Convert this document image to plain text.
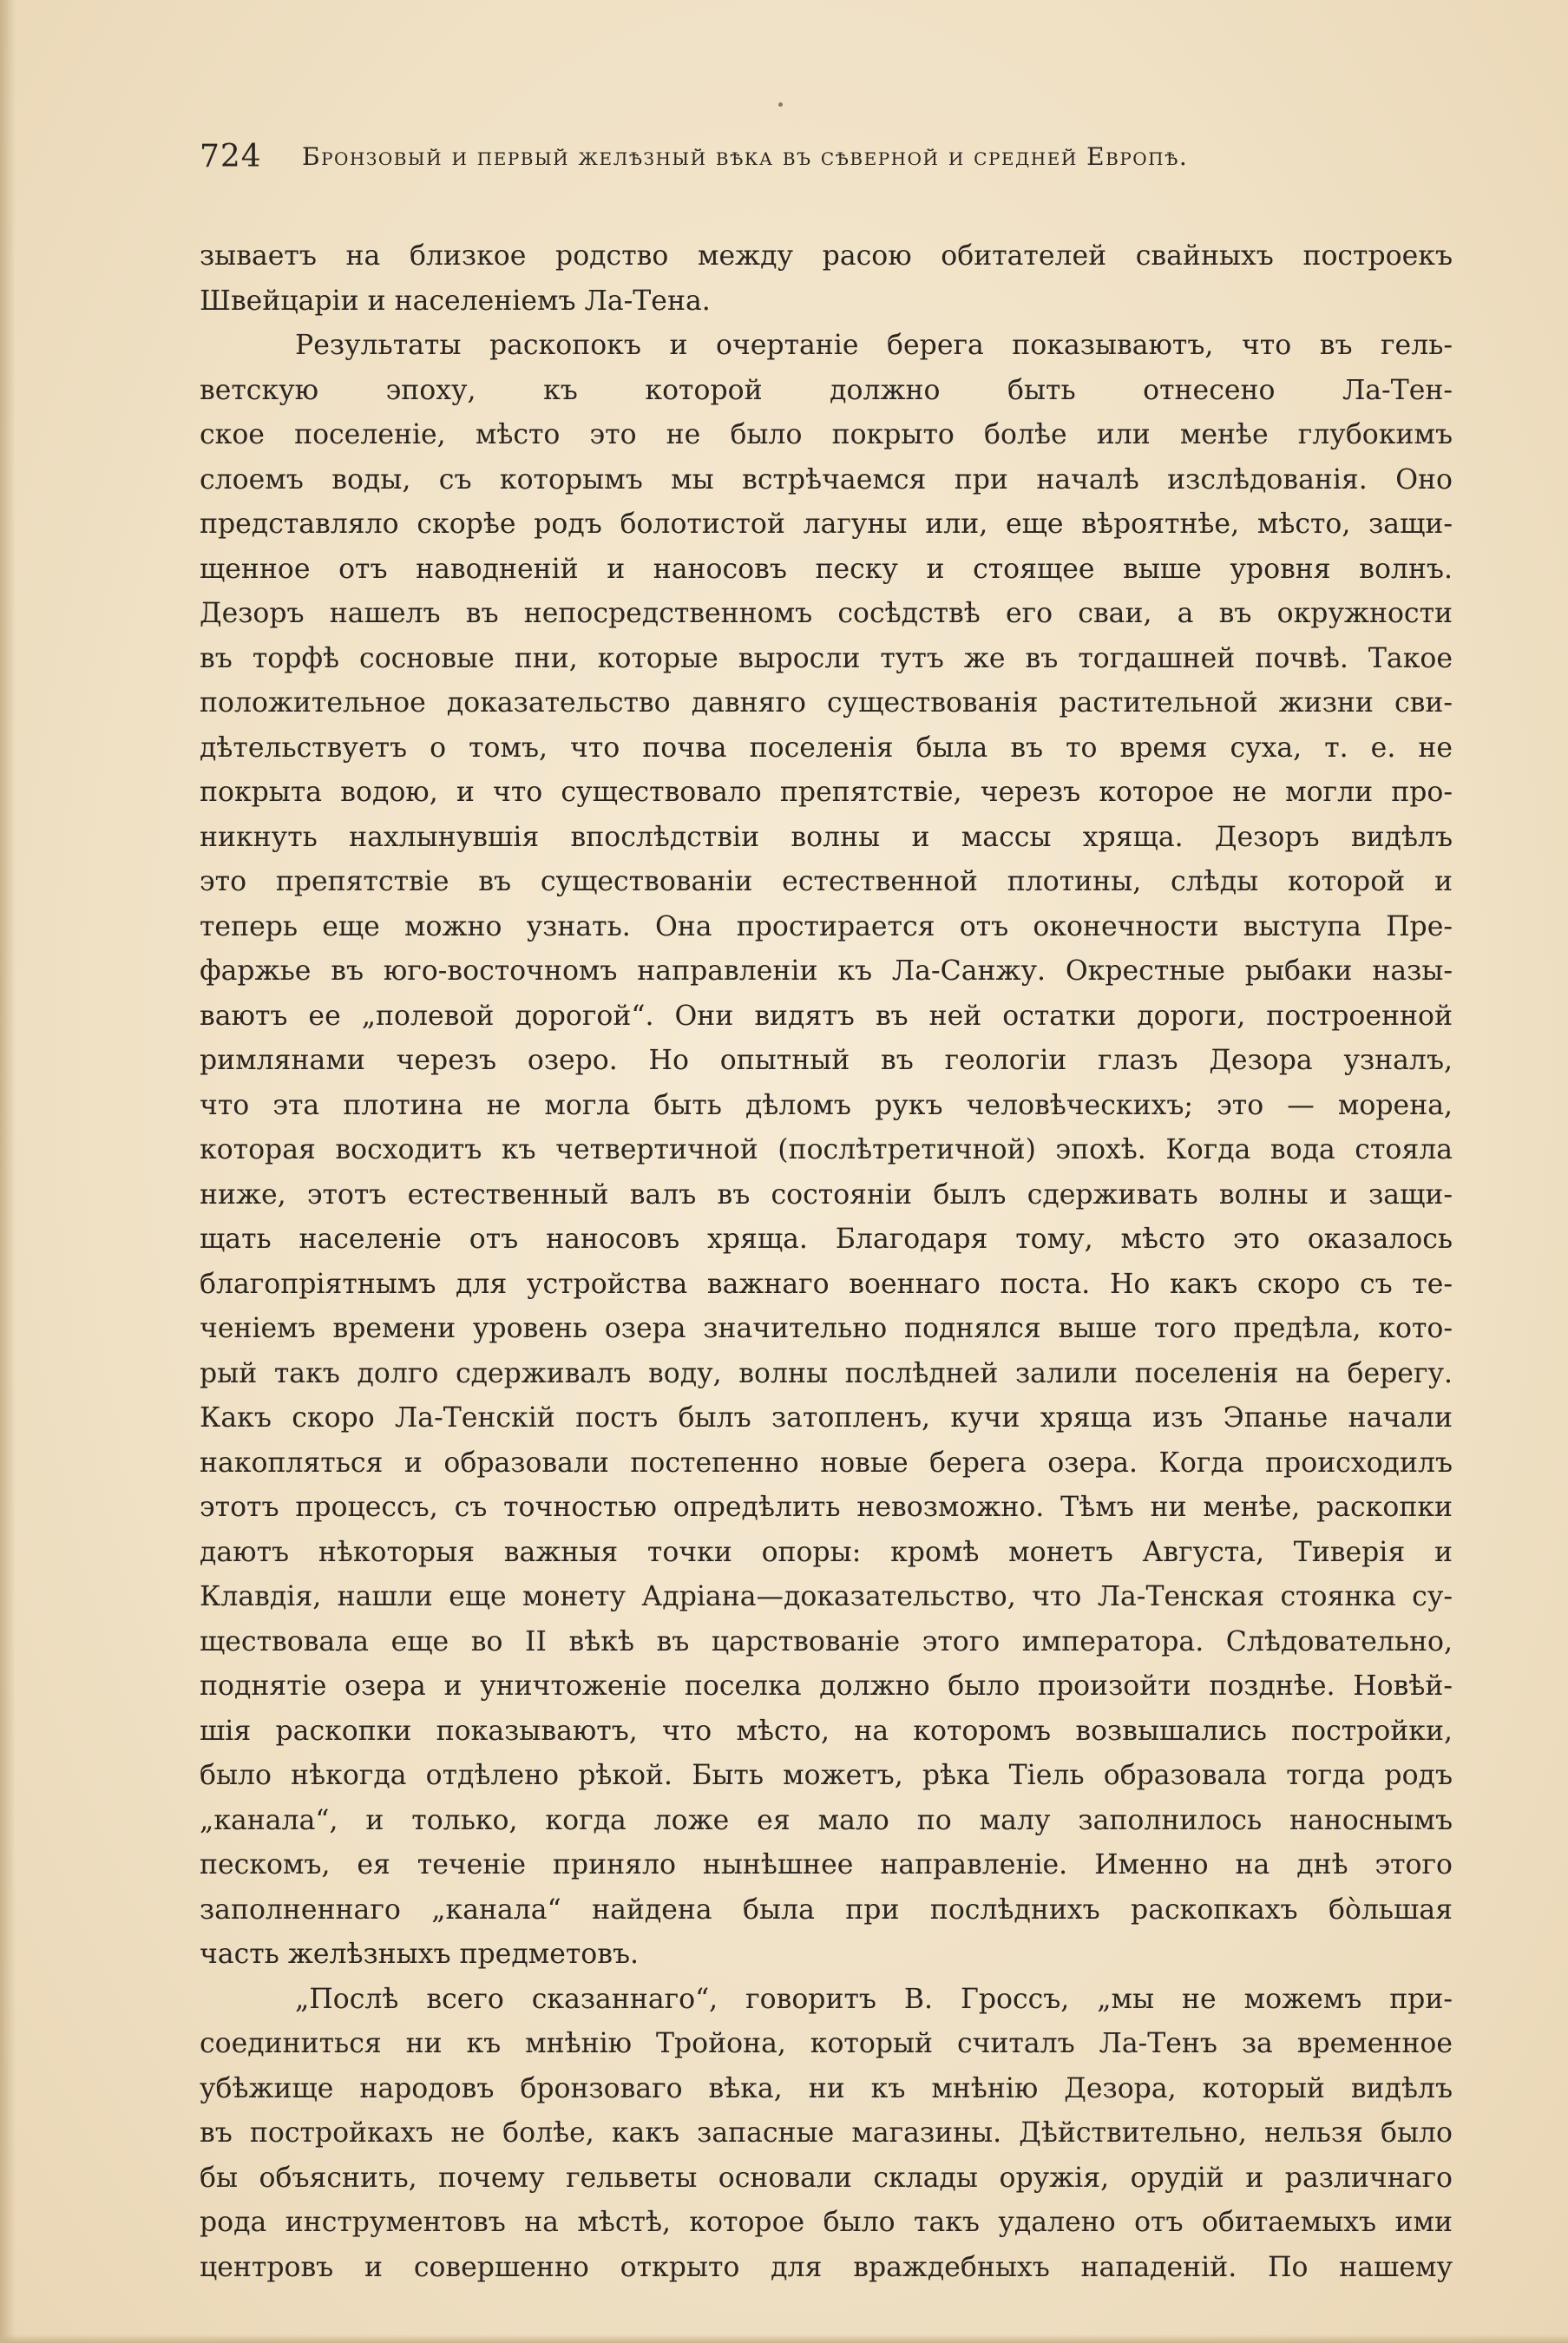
724 Бронзовый и первый желѣзный вѣка въ сѣверной и средней Европѣ.
зываетъ на близкое родство между расою обитателей свайныхъ построекъ
Швейцаріи и населеніемъ Ла-Тена.
Результаты раскопокъ и очертаніе берега показываютъ, что въ гель-
ветскую эпоху, къ которой должно быть отнесено Ла-Тен-
ское поселеніе, мѣсто это не было покрыто болѣе или менѣе глубокимъ
слоемъ воды, съ которымъ мы встрѣчаемся при началѣ изслѣдованія. Оно
представляло скорѣе родъ болотистой лагуны или, еще вѣроятнѣе, мѣсто, защи-
щенное отъ наводненій и наносовъ песку и стоящее выше уровня волнъ.
Дезоръ нашелъ въ непосредственномъ сосѣдствѣ его сваи, а въ окружности
въ торфѣ сосновые пни, которые выросли тутъ же въ тогдашней почвѣ. Такое
положительное доказательство давняго существованія растительной жизни сви-
дѣтельствуетъ о томъ, что почва поселенія была въ то время суха, т. е. не
покрыта водою, и что существовало препятствіе, черезъ которое не могли про-
никнуть нахлынувшія впослѣдствіи волны и массы хряща. Дезоръ видѣлъ
это препятствіе въ существованіи естественной плотины, слѣды которой и
теперь еще можно узнать. Она простирается отъ оконечности выступа Пре-
фаржье въ юго-восточномъ направленіи къ Ла-Санжу. Окрестные рыбаки назы-
ваютъ ее „полевой дорогой“. Они видятъ въ ней остатки дороги, построенной
римлянами черезъ озеро. Но опытный въ геологіи глазъ Дезора узналъ,
что эта плотина не могла быть дѣломъ рукъ человѣческихъ; это — морена,
которая восходитъ къ четвертичной (послѣтретичной) эпохѣ. Когда вода стояла
ниже, этотъ естественный валъ въ состояніи былъ сдерживать волны и защи-
щать населеніе отъ наносовъ хряща. Благодаря тому, мѣсто это оказалось
благопріятнымъ для устройства важнаго военнаго поста. Но какъ скоро съ те-
ченіемъ времени уровень озера значительно поднялся выше того предѣла, кото-
рый такъ долго сдерживалъ воду, волны послѣдней залили поселенія на берегу.
Какъ скоро Ла-Тенскій постъ былъ затопленъ, кучи хряща изъ Эпанье начали
накопляться и образовали постепенно новые берега озера. Когда происходилъ
этотъ процессъ, съ точностью опредѣлить невозможно. Тѣмъ ни менѣе, раскопки
даютъ нѣкоторыя важныя точки опоры: кромѣ монетъ Августа, Тиверія и
Клавдія, нашли еще монету Адріана—доказательство, что Ла-Тенская стоянка су-
ществовала еще во II вѣкѣ въ царствованіе этого императора. Слѣдовательно,
поднятіе озера и уничтоженіе поселка должно было произойти позднѣе. Новѣй-
шія раскопки показываютъ, что мѣсто, на которомъ возвышались постройки,
было нѣкогда отдѣлено рѣкой. Быть можетъ, рѣка Тіель образовала тогда родъ
„канала“, и только, когда ложе ея мало по малу заполнилось наноснымъ
пескомъ, ея теченіе приняло нынѣшнее направленіе. Именно на днѣ этого
заполненнаго „канала“ найдена была при послѣднихъ раскопкахъ бо̀льшая
часть желѣзныхъ предметовъ.
„Послѣ всего сказаннаго“, говоритъ В. Гроссъ, „мы не можемъ при-
соединиться ни къ мнѣнію Тройона, который считалъ Ла-Тенъ за временное
убѣжище народовъ бронзоваго вѣка, ни къ мнѣнію Дезора, который видѣлъ
въ постройкахъ не болѣе, какъ запасные магазины. Дѣйствительно, нельзя было
бы объяснить, почему гельветы основали склады оружія, орудій и различнаго
рода инструментовъ на мѣстѣ, которое было такъ удалено отъ обитаемыхъ ими
центровъ и совершенно открыто для враждебныхъ нападеній. По нашему
